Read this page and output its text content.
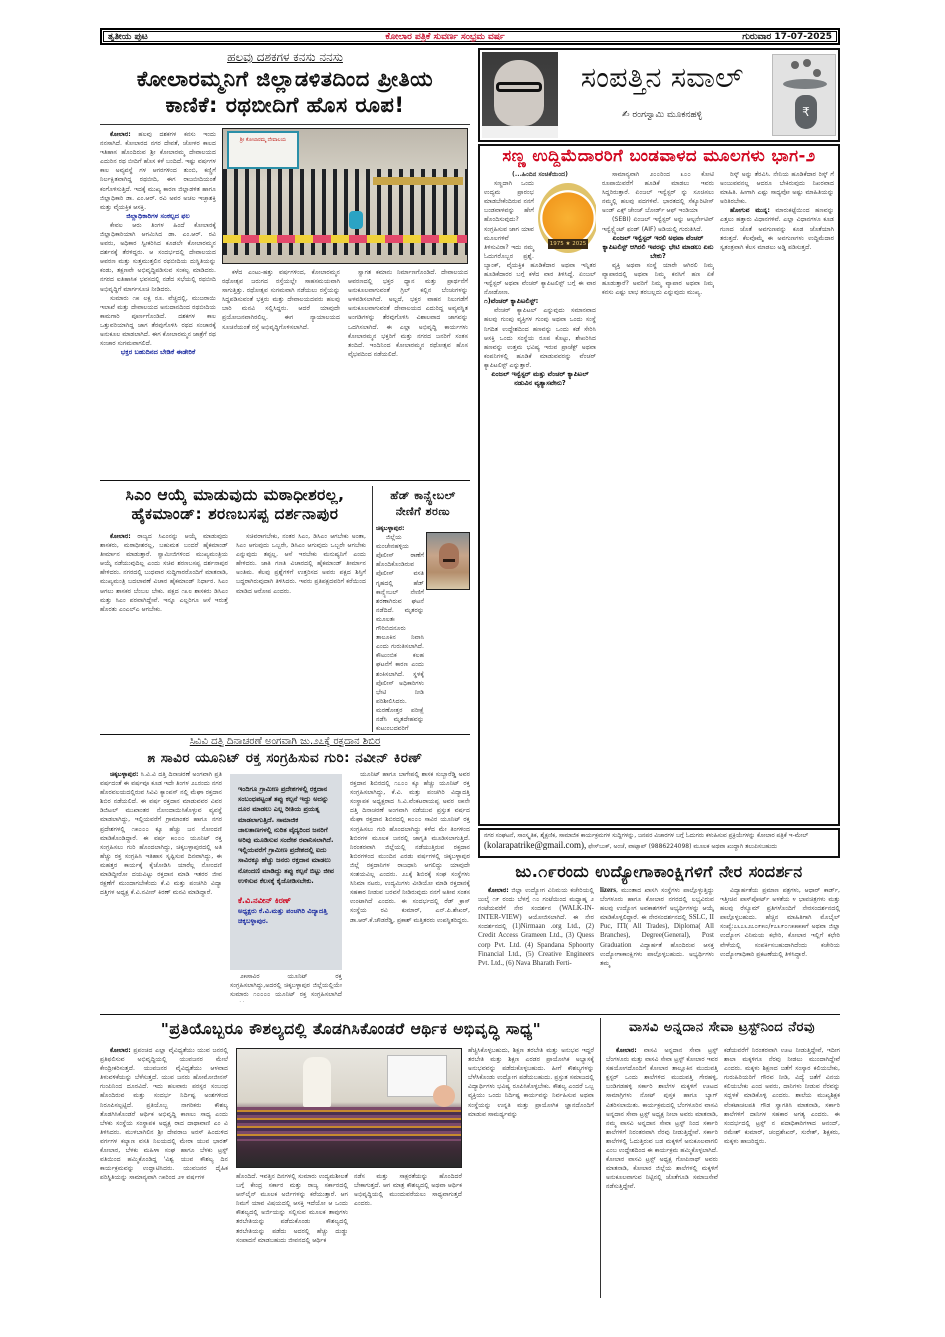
ತೃತೀಯ ಪುಟ	ಕೋಲಾರ ಪತ್ರಿಕೆ ಸುವರ್ಣ ಸಂಭ್ರಮ ವರ್ಷ	ಗುರುವಾರ 17-07-2025
ಹಲವು ದಶಕಗಳ ಕನಸು ನನಸು
ಕೋಲಾರಮ್ಮನಿಗೆ ಜಿಲ್ಲಾಡಳಿತದಿಂದ ಪ್ರೀತಿಯ
ಕಾಣಿಕೆ: ರಥಬೀದಿಗೆ ಹೊಸ ರೂಪ!

ಕೋಲಾರ: ಹಲವು ದಶಕಗಳ ಕನಸು ಇಂದು ನನಸಾಗಿದೆ. ಕೋಲಾರದ ನಗರ ದೇವತೆ, ಚೋಳರ ಕಾಲದ ಇತಿಹಾಸ ಹೊಂದಿರುವ ಶ್ರೀ ಕೋಲಾರಮ್ಮ ದೇವಾಲಯದ ಎದುರಿನ ರಥ ಬೀದಿಗೆ ಹೊಸ ಕಳೆ ಬಂದಿದೆ. ಇಷ್ಟು ವರ್ಷಗಳ ಕಾಲ ಅವ್ಯವಸ್ಥೆ ಗಳ ಆಗರಗಳಿಂದ ತುಂಬಿ, ಕಣ್ಣಿಗೆ ನಿರ್ಲಕ್ಷಿತವಾಗಿದ್ದ ರಥಬೀದಿ, ಈಗ ರಾಜಬೀದಿಯಂತೆ ಕಂಗೊಳಿಸುತ್ತಿದೆ. ಇದಕ್ಕೆ ಮುಖ್ಯ ಕಾರಣ ಜಿಲ್ಲಾಡಳಿತ ಹಾಗೂ ಜಿಲ್ಲಾಧಿಕಾರಿ ಡಾ. ಎಂ.ಆರ್. ರವಿ ಅವರ ಅಚಲ ಇಚ್ಛಾಶಕ್ತಿ ಮತ್ತು ವೈಯಕ್ತಿಕ ಆಸಕ್ತಿ.

ಜಿಲ್ಲಾಧಿಕಾರಿಗಳ ಸಂಕಲ್ಪದ ಫಲ

ಕೇವಲ ಆರು ತಿಂಗಳ ಹಿಂದೆ ಕೋಲಾರಕ್ಕೆ ಜಿಲ್ಲಾಧಿಕಾರಿಯಾಗಿ ಆಗಮಿಸಿದ ಡಾ. ಎಂ.ಆರ್. ರವಿ ಅವರು, ಅಧಿಕಾರ ಸ್ವೀಕರಿಸಿದ ಕೂಡಲೇ ಕೋಲಾರಮ್ಮನ ದರ್ಶನಕ್ಕೆ ತೆರಳಿದ್ದರು. ಆ ಸಂದರ್ಭದಲ್ಲಿ ದೇವಾಲಯದ ಆವರಣ ಮತ್ತು ಸುತ್ತಮುತ್ತಲಿನ ರಥಬೀದಿಯ ದುಸ್ಥಿತಿಯನ್ನು ಕಂಡು, ತಕ್ಷಣವೇ ಅಭಿವೃದ್ಧಿಪಡಿಸುವ ಸಂಕಲ್ಪ ಮಾಡಿದರು. ನಗರದ ಐತಿಹಾಸಿಕ ಭವಸದಲ್ಲಿ ನಡೆದ ಸಭೆಯಲ್ಲಿ ರಥಬೀದಿ ಅಭಿವೃದ್ಧಿಗೆ ಮಾರ್ಗಸೂಚಿ ನೀಡಿದರು.

ಸುಮಾರು ೧೫ ಲಕ್ಷ ರೂ. ವೆಚ್ಚದಲ್ಲಿ, ಮುಜರಾಯಿ ಇಲಾಖೆ ಮತ್ತು ದೇವಾಲಯದ ಅನುದಾನದಿಂದ ರಥಬೀದಿಯ ಕಾಮಗಾರಿ ಪೂರ್ಣಗೊಂಡಿದೆ. ದಶಕಗಳ ಕಾಲ ಒತ್ತುವರಿಯಾಗಿದ್ದ ಜಾಗ ತೆರವುಗೊಳಿಸಿ ರಥದ ಸಂಚಾರಕ್ಕೆ ಅನುಕೂಲ ಮಾಡಲಾಗಿದೆ. ಈಗ ಕೋಲಾರಮ್ಮನ ಜಾತ್ರೆಗೆ ರಥ ಸಂಚಾರ ಸುಗಮವಾಗಲಿದೆ.

ಭಕ್ತರ ಬಹುದಿನದ ಬೇಡಿಕೆ ಈಡೇರಿಕೆ
ಶ್ರೀ ಕೋಲಾರಮ್ಮ ದೇವಾಲಯ

ಕಳೆದ ಎಂಟು-ಹತ್ತು ವರ್ಷಗಳಿಂದ, ಕೋಲಾರಮ್ಮನ ರಥೋತ್ಸವ ಜರುಗದ ರಸ್ತೆಯಲ್ಲೇ ಸಾಹಸಮಯವಾಗಿ ಸಾಗುತ್ತಿತ್ತು. ರಥೋತ್ಸವ ಸುಗಮವಾಗಿ ನಡೆಯಲು ರಸ್ತೆಯನ್ನು ಸಿದ್ಧಪಡಿಸುವಂತೆ ಭಕ್ತರು ಮತ್ತು ದೇವಾಲಯದವರು ಹಲವು ಬಾರಿ ಮನವಿ ಸಲ್ಲಿಸಿದ್ದರು. ಆದರೆ ಯಾವುದೇ ಪ್ರಯೋಜನವಾಗಿರಲಿಲ್ಲ. ಈಗ ನ್ಯಾಯಾಲಯದ ಸೂಚನೆಯಂತೆ ರಸ್ತೆ ಅಭಿವೃದ್ಧಿಗೊಳಿಸಲಾಗಿದೆ.

ಸ್ವಾಗತ ಕಮಾನು ನಿರ್ಮಾಣಗೊಂಡಿದೆ. ದೇವಾಲಯದ ಆವರಣದಲ್ಲಿ ಭಕ್ತರ ಧ್ಯಾನ ಮತ್ತು ಪ್ರಾರ್ಥನೆಗೆ ಅನುಕೂಲವಾಗುವಂತೆ ಗ್ರಿಲ್ ಕಲ್ಲಿನ ಬೆಂಚುಗಳನ್ನು ಅಳವಡಿಸಲಾಗಿದೆ. ಅಲ್ಲದೆ, ಭಕ್ತರ ವಾಹನ ನಿಲುಗಡೆಗೆ ಅನುಕೂಲವಾಗುವಂತೆ ದೇವಾಲಯದ ಎದುರಿದ್ದ ಅವ್ಯವಸ್ಥಿತ ಅಂಗಡಿಗಳನ್ನು ತೆರವುಗೊಳಿಸಿ ವಿಶಾಲವಾದ ಜಾಗವನ್ನು ಒದಗಿಸಲಾಗಿದೆ. ಈ ಎಲ್ಲಾ ಅಭಿವೃದ್ಧಿ ಕಾರ್ಯಗಳು ಕೋಲಾರಮ್ಮನ ಭಕ್ತರಿಗೆ ಮತ್ತು ನಗರದ ಜನರಿಗೆ ಸಂತಸ ತಂದಿದೆ. ಇಂದಿನಿಂದ ಕೋಲಾರಮ್ಮನ ರಥೋತ್ಸವ ಹೊಸ ವೈಭವದಿಂದ ನಡೆಯಲಿದೆ.

ಸಿಎಂ ಆಯ್ಕೆ ಮಾಡುವುದು ಮಠಾಧೀಶರಲ್ಲ,
ಹೈಕಮಾಂಡ್: ಶರಣಬಸಪ್ಪ ದರ್ಶನಾಪುರ

ಕೋಲಾರ: ರಾಜ್ಯದ ಸಿಎಂನನ್ನು ಆಯ್ಕೆ ಮಾಡುವುದು ಶಾಸಕರು, ಮಠಾಧೀಶರಲ್ಲ, ಬಹುಮತ ಬಂದರೆ ಹೈಕಮಾಂಡ್ ತೀರ್ಮಾನ ಮಾಡುತ್ತಾರೆ. ಸ್ವಾಮೀಜಿಗಳಿಂದ ಮುಖ್ಯಮಂತ್ರಿಯ ಆಯ್ಕೆ ನಡೆಯುವುದಿಲ್ಲ ಎಂದು ಸಚಿವ ಶರಣಬಸಪ್ಪ ದರ್ಶನಾಪುರ ಹೇಳಿದರು. ನಗರದಲ್ಲಿ ಬುಧವಾರ ಸುದ್ದಿಗಾರರೊಂದಿಗೆ ಮಾತನಾಡಿ, ಮುಖ್ಯಮಂತ್ರಿ ಬದಲಾವಣೆ ವಿಚಾರ ಹೈಕಮಾಂಡ್ ನಿರ್ಧಾರ. ಸಿಎಂ ಆಗಲು ಶಾಸಕರ ಬೆಂಬಲ ಬೇಕು. ಪಕ್ಷದ ೧೩೮ ಶಾಸಕರು ಡಿಸಿಎಂ ಮತ್ತು ಸಿಎಂ ಪರವಾಗಿದ್ದೇವೆ. ಇನ್ನೂ ಎಲ್ಲರಿಗೂ ಆಸೆ ಇರುತ್ತೆ ಹೊರತು ಎಂಎಲ್ಎ ಆಗಬೇಕು.

ಸಚಿವರಾಗಬೇಕು, ನಂತರ ಸಿಎಂ, ಡಿಸಿಎಂ ಆಗಬೇಕು ಅಂತಾ, ಸಿಎಂ ಆಗುವುದು ಒಬ್ಬರೇ, ಡಿಸಿಎಂ ಆಗುವುದು ಒಬ್ಬರೇ ಆಗಬೇಕು ಎನ್ನುವುದು ತಪ್ಪಲ್ಲ. ಆಸೆ ಇರಬೇಕು ಮನುಷ್ಯನಿಗೆ ಎಂದು ಹೇಳಿದರು. ಜಾತಿ ಗಣತಿ ವಿಚಾರದಲ್ಲಿ ಹೈಕಮಾಂಡ್ ತೀರ್ಮಾನ ಅಂತಿಮ. ಕೆಲವು ಪ್ರಶ್ನೆಗಳಿಗೆ ಉತ್ತರಿಸದ ಅವರು ಪಕ್ಷದ ಶಿಸ್ತಿಗೆ ಬದ್ಧರಾಗಿರುವುದಾಗಿ ತಿಳಿಸಿದರು. ಇವರು ಪ್ರತಿಪಕ್ಷದವರಿಗೆ ಕರೆಯಿಂದ ಮಾಡಿದ ಆರೋಪ ಎಂದರು.

ಹೆಡ್ ಕಾನ್ಸ್ಟೇಬಲ್
ನೇಣಿಗೆ ಶರಣು

ಚಿಕ್ಕಬಳ್ಳಾಪುರ:

ಜಿಲ್ಲೆಯ ಮಂಚೇನಹಳ್ಳಿಯ ಪೊಲೀಸ್ ಠಾಣೆಗೆ ಹೊಂದಿಕೊಂಡಿರುವ ಪೊಲೀಸ್ ವಸತಿ ಗೃಹದಲ್ಲಿ ಹೆಡ್ ಕಾನ್ಸ್ಟೇಬಲ್ ನೇಣಿಗೆ ಶರಣಾಗಿರುವ ಘಟನೆ ನಡೆದಿದೆ. ಮೃತರನ್ನು ಮೂಲತಃ ಗೌರಿಬಿದನೂರು ತಾಲೂಕಿನ ನಿವಾಸಿ ಎಂದು ಗುರುತಿಸಲಾಗಿದೆ. ಕೌಟುಂಬಿಕ ಕಲಹ ಘಟನೆಗೆ ಕಾರಣ ಎಂದು ಶಂಕಿಸಲಾಗಿದೆ. ಸ್ಥಳಕ್ಕೆ ಪೊಲೀಸ್ ಅಧಿಕಾರಿಗಳು ಭೇಟಿ ನೀಡಿ ಪರಿಶೀಲಿಸಿದರು. ಮರಣೋತ್ತರ ಪರೀಕ್ಷೆ ನಡೆಸಿ ಮೃತದೇಹವನ್ನು ಕುಟುಂಬದವರಿಗೆ

ಸಿವಿವಿ ದತ್ತಿ ದಿನಾಚರಣೆ ಅಂಗವಾಗಿ ಜು.೨೭ಕ್ಕೆ ರಕ್ತದಾನ ಶಿಬಿರ
೫ ಸಾವಿರ ಯೂನಿಟ್ ರಕ್ತ ಸಂಗ್ರಹಿಸುವ ಗುರಿ: ನವೀನ್ ಕಿರಣ್

ಚಿಕ್ಕಬಳ್ಳಾಪುರ: ಸಿ.ವಿ.ವಿ ದತ್ತಿ ದಿನಾಚರಣೆ ಅಂಗವಾಗಿ ಪ್ರತಿ ವರ್ಷದಂತೆ ಈ ವರ್ಷವೂ ಕೂಡ ಇದೇ ತಿಂಗಳ ೨೭ರಂದು ನಗರ ಹೊರವಲಯದಲ್ಲಿರುವ ಸಿವಿವಿ ಕ್ಯಾಂಪಸ್ ನಲ್ಲಿ ಮೆಘಾ ರಕ್ತದಾನ ಶಿಬಿರ ನಡೆಯಲಿದೆ. ಈ ವರ್ಷ ರಕ್ತದಾನ ಮಾಡುವವರ ವಿವರ ಡಿಜಿಟಲ್ ಮುಖಾಂತರ ನೋಂದಾಯಿಸಿಕೊಳ್ಳುವ ವ್ಯವಸ್ಥೆ ಮಾಡಲಾಗಿದ್ದು, ಇಲ್ಲಿಯವರೆಗೆ ಗ್ರಾಮಾಂತರ ಹಾಗೂ ನಗರ ಪ್ರದೇಶಗಳಲ್ಲಿ ೧೫೦೦೦ ಕ್ಕೂ ಹೆಚ್ಚು ಜನ ನೋಂದಣಿ ಮಾಡಿಕೊಂಡಿದ್ದಾರೆ. ಈ ವರ್ಷ ೫೦೦೦ ಯೂನಿಟ್ ರಕ್ತ ಸಂಗ್ರಹಿಸಲು ಗುರಿ ಹೊಂದಲಾಗಿದ್ದು, ಚಿಕ್ಕಬಳ್ಳಾಪುರದಲ್ಲಿ ಅತಿ ಹೆಚ್ಚು ರಕ್ತ ಸಂಗ್ರಹಿಸಿ ಇತಿಹಾಸ ಸೃಷ್ಟಿಸುವ ದಿನವಾಗಿದ್ದು, ಈ ಮಹತ್ತರ ಕಾರ್ಯಕ್ಕೆ ಕೈಜೋಡಿಸಿ ಯಾರೆಲ್ಲ ನೋಂದಣಿ ಮಾಡಿದ್ದೀರೋ ದಯವಿಟ್ಟು ರಕ್ತದಾನ ಮಾಡಿ ಇತರರ ಜೀವ ರಕ್ಷಣೆಗೆ ಮುಂದಾಗಬೇಕೆಂದು ಕೆ.ವಿ ಮತ್ತು ಪಂಚಗಿರಿ ವಿದ್ಯಾ ದತ್ತಿಗಳ ಅಧ್ಯಕ್ಷ ಕೆ.ವಿ.ನವೀನ್ ಕಿರಣ್ ಮನವಿ ಮಾಡಿದ್ದಾರೆ.

ಇಂದಿಗೂ ಗ್ರಾಮೀಣ ಪ್ರದೇಶಗಳಲ್ಲಿ ರಕ್ತದಾನ ಸಂಬಂಧಪಟ್ಟಂತೆ ತಪ್ಪು ಕಲ್ಪನೆ ಇದ್ದು ಅದನ್ನು ದೂರ ಮಾಡಲು ಎಲ್ಲ ರೀತಿಯ ಪ್ರಯತ್ನ ಮಾಡಲಾಗುತ್ತಿದೆ. ಸಾಮಾಜಿಕ ಜಾಲತಾಣಗಳಲ್ಲಿ ನುರಿತ ವೈದ್ಯರಿಂದ ಜನರಿಗೆ ಅರಿವು ಮೂಡಿಸುವ ಸಂದೇಶ ರವಾನಿಸಲಾಗಿದೆ. ಇಲ್ಲಿಯವರೆಗೆ ಗ್ರಾಮೀಣ ಪ್ರದೇಶದಲ್ಲಿ ಐದು ಸಾವಿರಕ್ಕೂ ಹೆಚ್ಚು ಜನರು ರಕ್ತದಾನ ಮಾಡಲು ನೋಂದಣಿ ಮಾಡಿದ್ದು ತಪ್ಪು ಕಲ್ಪನೆ ಬಿಟ್ಟು ಜೀವ ಉಳಿಸುವ ಕೆಲಸಕ್ಕೆ ಕೈಜೋಡಿಸಬೇಕು.
ಕೆ.ವಿ.ನವೀನ್ ಕಿರಣ್
ಅಧ್ಯಕ್ಷರು ಕೆ.ವಿ.ಮತ್ತು ಪಂಚಗಿರಿ ವಿದ್ಯಾದತ್ತಿ ಚಿಕ್ಕಬಳ್ಳಾಪುರ.

೨೫ಸಾವಿರ ಯೂನಿಟ್ ರಕ್ತ ಸಂಗ್ರಹಿಸಲಾಗಿದ್ದು,ಅದರಲ್ಲಿ ಚಿಕ್ಕಬಳ್ಳಾಪುರ ಜಿಲ್ಲೆಯಲ್ಲಿಯೇ ಸುಮಾರು ೧೦೦೦೦ ಯೂನಿಟ್ ರಕ್ತ ಸಂಗ್ರಹಿಸಲಾಗಿದೆ

ಯೂನಿಟ್ ಹಾಗೂ ಬಾಗೇಪಲ್ಲಿ ಶಾಸಕ ಸುಬ್ಬಾರೆಡ್ಡಿ ಅವರ ರಕ್ತದಾನ ಶಿಬಿರದಲ್ಲಿ ೧೭೦೦ ಕ್ಕೂ ಹೆಚ್ಚು ಯೂನಿಟ್ ರಕ್ತ ಸಂಗ್ರಹಿಸಲಾಗಿದ್ದು, ಕೆ.ವಿ. ಮತ್ತು ಪಂಚಗಿರಿ ವಿದ್ಯಾದತ್ತಿ ಸಂಸ್ಥಾಪಕ ಅಧ್ಯಕ್ಷರಾದ ಸಿ.ವಿ.ವೆಂಕಟರಾಯಪ್ಪ ಅವರ ೮೫ನೇ ದತ್ತಿ ದಿನಾಚರಣೆ ಅಂಗವಾಗಿ ನಡೆಯುವ ಪ್ರಸ್ತುತ ವರ್ಷದ ಮೆಘಾ ರಕ್ತದಾನ ಶಿಬಿರದಲ್ಲಿ ೫೦೦೦ ಸಾವಿರ ಯೂನಿಟ್ ರಕ್ತ ಸಂಗ್ರಹಿಸಲು ಗುರಿ ಹೊಂದಲಾಗಿದ್ದು ಕಳೆದ ಮೇ ತಿಂಗಳಿಂದ ಶಿಬಿರಗಳ ಮೂಲಕ ಜನರಲ್ಲಿ ಜಾಗೃತಿ ಮೂಡಿಸಲಾಗುತ್ತಿದೆ. ನಿರಂತರವಾಗಿ ಜಿಲ್ಲೆಯಲ್ಲಿ ನಡೆಯುತ್ತಿರುವ ರಕ್ತದಾನ ಶಿಬಿರಗಳಿಂದ ಮುಂದಿನ ಎರಡು ವರ್ಷಗಳಲ್ಲಿ ಚಿಕ್ಕಬಳ್ಳಾಪುರ ಜಿಲ್ಲೆ ರಕ್ತದಾನಿಗಳ ರಾಜಧಾನಿ ಆಗಲಿದ್ದು ಯಾವುದೇ ಸಂಶಯವಿಲ್ಲ ಎಂದರು. ೨೭ಕ್ಕೆ ಶಿಬಿರಕ್ಕೆ ಸಂಘ ಸಂಸ್ಥೆಗಳು ಸಿನಿಮಾ ನಟರು, ಉದ್ಯಮಿಗಳು ವೀಡಿಯೋ ಮಾಡಿ ರಕ್ತದಾನಕ್ಕೆ ಸಹಕಾರ ನೀಡುವ ಬರವಸೆ ನೀಡಿರುವುದು ನನಗೆ ಅತೀವ ಸಂತಸ ಉಂಟಾಗಿದೆ ಎಂದರು. ಈ ಸಂದರ್ಭದಲ್ಲಿ ರೆಡ್ ಕ್ರಾಸ್ ಸಂಸ್ಥೆಯ ರವಿ ಕುಮಾರ್, ಎನ್.ಪಿ.ಶೇಖರ್, ಡಾ.ಆರ್.ಕೆ.ಚೌಡರೆಡ್ಡಿ, ಪ್ರಕಾಶ್ ಮತ್ತಿತರರು ಉಪಸ್ಥಿತರಿದ್ದರು.

ಸಂಪತ್ತಿನ ಸವಾಲ್
✍ ರಂಗಸ್ವಾಮಿ ಮೂಕನಹಳ್ಳಿ	₹
ಸಣ್ಣ ಉದ್ದಿಮೆದಾರರಿಗೆ ಬಂಡವಾಳದ ಮೂಲಗಳು ಭಾಗ-೨
(...ಹಿಂದಿನ ಸಂಚಿಕೆಯಿಂದ)
1975 ★ 2025

ಸಣ್ಣದಾಗಿ ಒಂದು ಉದ್ಯಮ ಪ್ರಾರಂಭ ಮಾಡಬೇಕೆಂದಿರುವ ನನಗೆ ಬಂಡವಾಳವನ್ನು ಹೇಗೆ ಹೊಂದಿಸುವುದು? ಸಂಗ್ರಹಿಸುವ ಜಾಗ ಯಾವ ಮೂಲಗಳಿವೆ ತಿಳಿಸುವಿರಾ? ಇದು ನಮ್ಮ ಓದುಗರೊಬ್ಬರ ಪ್ರಶ್ನೆ. ಬ್ಯಾಂಕ್, ವೈಯಕ್ತಿಕ ಹೂಡಿಕೆದಾರ ಅಥವಾ ಇನ್ನಿತರ ಹೂಡಿಕೆದಾರರ ಬಗ್ಗೆ ಕಳೆದ ವಾರ ತಿಳಿಸಿದ್ದೆ. ಏಂಜಲ್ ಇನ್ವೆಸ್ಟರ್ ಅಥವಾ ವೆಂಚರ್ ಕ್ಯಾಪಿಟಲಿಸ್ಟ್ ಬಗ್ಗೆ ಈ ವಾರ ನೋಡೋಣ.

೧)ವೆಂಚರ್ ಕ್ಯಾಪಿಟಲಿಸ್ಟ್:

ವೆಂಚರ್ ಕ್ಯಾಪಿಟಲ್ ಎನ್ನುವುದು ಸಮಾನವಾದ ಹಲವು ಗುಂಪು ವ್ಯಕ್ತಿಗಳ ಗುಂಪು ಅಥವಾ ಒಂದು ಸಂಸ್ಥೆ ನಿಗದಿತ ಉದ್ದೇಶದಿಂದ ಹಣವನ್ನು ಒಂದು ಕಡೆ ಸೇರಿಸಿ ಆಸಕ್ತಿ ಒಂದು ಸಂಸ್ಥೆಯ ರೂಪ ಕೊಟ್ಟು, ಶೇಖರಿಸಿದ ಹಣವನ್ನು ಉತ್ತಮ ಭವಿಷ್ಯ ಇರುವ ಪ್ರಾಜೆಕ್ಟ್ ಅಥವಾ ಕಂಪನಿಗಳಲ್ಲಿ ಹೂಡಿಕೆ ಮಾಡುವವರನ್ನು ವೆಂಚರ್ ಕ್ಯಾಪಿಟಲಿಸ್ಟ್ ಎನ್ನುತ್ತಾರೆ.

ಏಂಜಲ್ ಇನ್ವೆಸ್ಟರ್ ಮತ್ತು ವೆಂಚರ್ ಕ್ಯಾಪಿಟಲ್ ನಡುವಿನ ವ್ಯತ್ಯಾಸವೇನು?

ಸಾಮಾನ್ಯವಾಗಿ ೨೦೦ರಿಂದ ೩೦೦ ಕೋಟಿ ರೂಪಾಯಿವರೆಗೆ ಹೂಡಿಕೆ ಮಾಡಲು ಇವರು ಸಿದ್ದರಿರುತ್ತಾರೆ. ಏಂಜಲ್ ಇನ್ವೆಸ್ಟರ್ ನ್ನು ಸೂಚಿಸಲು ನಮ್ಮಲ್ಲಿ ಹಲವು ಪದಗಳಿವೆ. ಭಾರತದಲ್ಲಿ ಸೆಕ್ಯೂರಿಟೀಸ್ ಅಂಡ್ ಎಕ್ಸ್ ಚೇಂಜ್ ಬೋರ್ಡ್ ಆಫ್ ಇಂಡಿಯಾ

(SEBI) ಏಂಜಲ್ ಇನ್ವೆಸ್ಟರ್ ಅನ್ನು ಆಲ್ಟರ್ನೇಟಿವ್ ಇನ್ವೆಸ್ಟ್ಮೆಂಟ್ ಫಂಡ್ (AIF) ಅಡಿಯಲ್ಲಿ ಗುರುತಿಸಿದೆ.

ಏಂಜಲ್ ಇನ್ವೆಸ್ಟರ್ ಇರಲಿ ಅಥವಾ ವೆಂಚರ್ ಕ್ಯಾಪಿಟಲಿಸ್ಟ್ ಆಗಿರಲಿ ಇವರನ್ನು ಭೇಟಿ ಮಾಡಲು ಏನು ಬೇಕು?

ವ್ಯಕ್ತಿ ಅಥವಾ ಸಂಸ್ಥೆ ಯಾರೇ ಆಗಿರಲಿ ನಿಮ್ಮ ವ್ಯಾಪಾರದಲ್ಲಿ ಅಥವಾ ನಿಮ್ಮ ಕನಸಿಗೆ ಹಣ ಏಕೆ ಹೂಡುತ್ತಾರೆ? ಅವರಿಗೆ ನಿಮ್ಮ ವ್ಯಾಪಾರ ಅಥವಾ ನಿಮ್ಮ ಕನಸು ಎಷ್ಟು ಲಾಭ ತರಬಲ್ಲದು ಎನ್ನುವುದು ಮುಖ್ಯ.

ರಿಸ್ಕ್ ಅನ್ನು ತೆರವಿಸಿ. ನೇನಿಯ ಹೂಡಿಕೆದಾರ ರಿಸ್ಕ್ ಗೆ ಅಂಜುವವನಲ್ಲ ಆದರೂ ಬೇಕಿರುವುದು ನಿಖರವಾದ ಮಾಹಿತಿ. ಹೀಗಾಗಿ ಎಷ್ಟು ಸಾಧ್ಯವೋ ಅಷ್ಟು ಮಾಹಿತಿಯನ್ನು ಅರಿತಿರಬೇಕು.

ಹೋಗುವ ಮುನ್ನ: ಮಾರುಕಟ್ಟೆಯಿಂದ ಹಣವನ್ನು ಎತ್ತಲು ಹತ್ತಾರು ವಿಧಾನಗಳಿವೆ. ಎಲ್ಲಾ ವಿಧಾನಗಳೂ ಕೂಡ ಗುಣದ ಜೊತೆ ಅವಗುಣವನ್ನು ಕೂಡ ಜೊತೆಯಾಗಿ ತರುತ್ತದೆ. ಕೆಲವೊಮ್ಮೆ ಈ ಅವಗುಣಗಳು ಉದ್ದಿಮೆದಾರ ಸ್ವತಂತ್ರವಾಗಿ ಕೆಲಸ ಮಾಡಲು ಅಡ್ಡಿ ಪಡಿಸುತ್ತದೆ.

ನಗರ ಸಂಘಟನೆ, ಸಾಂಸ್ಕೃತಿಕ, ಶೈಕ್ಷಣಿಕ, ಸಾಮಾಜಿಕ ಕಾರ್ಯಕ್ರಮಗಳ ಸುದ್ದಿಗಳನ್ನು, ಜನಪರ ವಿಚಾರಗಳ ಬಗ್ಗೆ ಓದುಗರು ಕಳುಹಿಸುವ ಪ್ರಕ್ರಿಯೆಗಳನ್ನು ಕೋಲಾರ ಪತ್ರಿಕೆ ಇ-ಮೇಲ್ (kolarapatrike@gmail.com), ಫೇಸ್‌ಬುಕ್, ಅಂಚೆ, ವಾಟ್ಸಾಪ್ (9886224098) ಮೂಲಕ ಅಥವಾ ಖುದ್ದಾಗಿ ತಲುಪಿಸಬಹುದು
ಜು.೧೯ರಂದು ಉದ್ಯೋಗಾಕಾಂಕ್ಷಿಗಳಿಗೆ ನೇರ ಸಂದರ್ಶನ

ಕೋಲಾರ: ಜಿಲ್ಲಾ ಉದ್ಯೋಗ ವಿನಿಮಯ ಕಚೇರಿಯಲ್ಲಿ ಜುಲೈ ೧೯ ರಂದು ಬೆಳಗ್ಗೆ ೧೦ ಗಂಟೆಯಿಂದ ಮಧ್ಯಾಹ್ನ ೨ ಗಂಟೆಯವರೆಗೆ ನೇರ ಸಂದರ್ಶನ (WALK-IN-INTER-VIEW) ಆಯೋಜಿಸಲಾಗಿದೆ. ಈ ನೇರ ಸಂದರ್ಶನದಲ್ಲಿ (1)Nirmaan .org Ltd., (2) Credit Access Grameen Ltd., (3) Quess corp Pvt. Ltd. (4) Spandana Sphoorty Financial Ltd., (5) Creative Engineers Pvt. Ltd., (6) Nava Bharath Ferti-

lizers, ಮುಂತಾದ ಖಾಸಗಿ ಸಂಸ್ಥೆಗಳು ಪಾಲ್ಗೊಳ್ಳುತ್ತಿದ್ದು ಬೆಂಗಳೂರು ಹಾಗೂ ಕೋಲಾರ ನಗರದಲ್ಲಿ ಲಭ್ಯವಿರುವ ಹಲವು ಉದ್ಯೋಗ ಅವಕಾಶಗಳಿಗೆ ಅಭ್ಯರ್ಥಿಗಳನ್ನು ಆಯ್ಕೆ ಮಾಡಿಕೊಳ್ಳಲಿದ್ದಾರೆ. ಈ ನೇರಸಂದರ್ಶನದಲ್ಲಿ SSLC, II Puc, ITI( All Trades), Diploma( All Branches), Degree(General), Post Graduation ವಿದ್ಯಾರ್ಹತೆ ಹೊಂದಿರುವ ಆಸಕ್ತ ಉದ್ಯೋಗಾಕಾಂಕ್ಷಿಗಳು ಪಾಲ್ಗೊಳ್ಳಬಹುದು. ಅಭ್ಯರ್ಥಿಗಳು ತಮ್ಮ

ವಿದ್ಯಾರ್ಹತೆಯ ಪ್ರಮಾಣ ಪತ್ರಗಳು, ಆಧಾರ್ ಕಾರ್ಡ್, ಇತ್ತೀಚಿನ ಪಾಸ್‌ಪೋರ್ಟ್ ಅಳತೆಯ ೪ ಭಾವಚಿತ್ರಗಳು ಮತ್ತು ಹಲವು ರೆಸ್ಯೂಮ್ ಪ್ರತಿಗಳೊಂದಿಗೆ ನೇರಸಂದರ್ಶನದಲ್ಲಿ ಪಾಲ್ಗೊಳ್ಳಬಹುದು. ಹೆಚ್ಚಿನ ಮಾಹಿತಿಗಾಗಿ ಮೊಬೈಲ್ ಸಂಖ್ಯೆ:೭೬೭೬೨೭೦೯೫೦/೯೭೩೯೦೧೫೫೫೫ಗೆ ಅಥವಾ ಜಿಲ್ಲಾ ಉದ್ಯೋಗ ವಿನಿಮಯ ಕಛೇರಿ, ಕೋಲಾರ ಇಲ್ಲಿಗೆ ಕಛೇರಿ ವೇಳೆಯಲ್ಲಿ ಸಂಪರ್ಕಿಸಬಹುದಾಗಿದೆಂದು ಕಚೇರಿಯ ಉದ್ಯೋಗಾಧಿಕಾರಿ ಪ್ರಕಟಣೆಯಲ್ಲಿ ತಿಳಿಸಿದ್ದಾರೆ.

"ಪ್ರತಿಯೊಬ್ಬರೂ ಕೌಶಲ್ಯದಲ್ಲಿ ತೊಡಗಿಸಿಕೊಂಡರೆ ಆರ್ಥಿಕ ಅಭಿವೃದ್ಧಿ ಸಾಧ್ಯ"

ಕೋಲಾರ: ಪ್ರಪಂಚದ ಎಲ್ಲಾ ವೈವಿಧ್ಯತೆಯು ಯುವ ಜನರಲ್ಲಿ ಪ್ರತಿಫಲಿಸುವ ಅಭಿವೃದ್ಧಿಯಲ್ಲಿ ಯುವಜನರ ಮೇಲೆ ಕೇಂದ್ರೀಕರಿಸುತ್ತದೆ. ಯುವಜನರ ವೈವಿಧ್ಯತೆಯು ಆಳವಾದ ತಿಳುವಳಿಕೆಯನ್ನು ಬೆಳೆಸುತ್ತದೆ. ಯುವ ಜನರು ಹೋಮೋಜೀನಸ್ ಗುಂಪಿನಿಂದ ದೂರವಿದೆ. ಇದು ಹಲವಾರು ಪರಸ್ಪರ ಸಂಬಂಧ ಹೊಂದಿರುವ ಮತ್ತು ಸಂದರ್ಭ ನಿರ್ದಿಷ್ಟ ಅಂಶಗಳಿಂದ ನಿರೂಪಿಸಲ್ಪಟ್ಟಿದೆ. ಪ್ರತಿಯೊಬ್ಬ ನಾಗರಿಕರು ಕೌಶಲ್ಯ ತೊಡಗಿಸಿಕೊಂಡರೆ ಆರ್ಥಿಕ ಅಭಿವೃದ್ಧಿ ಕಾಣಲು ಸಾಧ್ಯ ಎಂದು ಬೆಳಕು ಸಂಸ್ಥೆಯ ಸಂಸ್ಥಾಪಕ ಅಧ್ಯಕ್ಷ ರಾದ ದಾಥಾವಾಣಿ ಎಂ ವಿ ತಿಳಿಸಿದರು. ಮುಳಬಾಗಿಲಿನ ಶ್ರೀ ದೇವರಾಜ ಅರಸ್ ಹಿಂದುಳಿದ ವರ್ಗಗಳ ಕಲ್ಯಾಣ ವಸತಿ ನಿಲಯದಲ್ಲಿ ಮೇರಾ ಯುವ ಭಾರತ್ ಕೋಲಾರ, ಬೆಳಕು ಮಹಿಳಾ ಸಂಘ ಹಾಗೂ ಬೆಳಕು ಟ್ರಸ್ಟ್ ವತಿಯಿಂದ ಹಮ್ಮಿಕೊಂಡಿದ್ದ 'ವಿಶ್ವ ಯುವ ಕೌಶಲ್ಯ ದಿನ ಕಾರ್ಯಕ್ರಮವನ್ನು ಉದ್ಘಾಟಿಸಿದರು. ಯುವಜನರ ದೈಹಿಕ ಪರಿಸ್ಥಿತಿಯನ್ನು ಸಾಮಾನ್ಯವಾಗಿ ೧೫ರಿಂದ ೨೪ ವರ್ಷಗಳ	ಹೊಂದಿದೆ. ಇವತ್ತಿನ ದಿನಗಳಲ್ಲಿ ಸುಮಾರು ಉದ್ಯಮಶೀಲತೆ ಬಗ್ಗೆ ಕೇಂದ್ರ ಸರ್ಕಾರ ಮತ್ತು ರಾಜ್ಯ ಸರ್ಕಾರದಲ್ಲಿ ಆನ್‌ಲೈನ್ ಮೂಲಕ ಅರ್ಜಿಗಳನ್ನು ಕರೆಯುತ್ತಾರೆ. ಆಗ ನಿಮಗೆ ಯಾವ ವಿಷಯದಲ್ಲಿ ಆಸಕ್ತಿ ಇದೆಯೋ ಆ ಒಂದು ಕೌಶಲ್ಯದಲ್ಲಿ ಅರ್ಜಿಯನ್ನು ಸಲ್ಲಿಸುವ ಮೂಲಕ ತಾವುಗಳು ತರಬೇತಿಯನ್ನು ಪಡೆದುಕೊಂಡು ಕೌಶಲ್ಯದಲ್ಲಿ ತರಬೇತಿಯನ್ನು ಪಡೆದು ಅದರಲ್ಲಿ ಹೆಚ್ಚು ದುಡ್ಡು ಸಂಪಾದನೆ ಮಾಡಬಹುದು ಜೀವನದಲ್ಲಿ ಆರ್ಥಿಕ

ನಡೆಸ ಮತ್ತು ಸಾಕ್ಷರತೆಯನ್ನು ಹೊಂದಿದರೆ ಬೇಕಾಗುತ್ತದೆ. ಆಗ ಮಾತ್ರ ಕೌಶಲ್ಯದಲ್ಲಿ ಅಥವಾ ಆರ್ಥಿಕ ಅಭಿವೃದ್ಧಿಯಲ್ಲಿ ಮುಂದುವರೆಯಲು ಸಾಧ್ಯವಾಗುತ್ತದೆ ಎಂದರು.

ಹೆಚ್ಚಿಸಿಕೊಳ್ಳಬಹುದು, ಶಿಕ್ಷಣ ತರಬೇತಿ ಮತ್ತು ಅನುಭವ ಇದ್ದರೆ ತರಬೇತಿ ಮತ್ತು ಶಿಕ್ಷಣ ಎರಡರ ಪ್ರಾಯೋಗಿಕ ಅಭ್ಯಾಸಕ್ಕೆ ಅನುಭವವನ್ನು ಪಡೆದುಕೊಳ್ಳಬಹುದು. ಹೀಗೆ ಕೌಶಲ್ಯಗಳನ್ನು ಬೆಳೆಸಿಕೊಂಡು ಉದ್ಯೋಗ ಪಡೆಯಬಹುದು. ಪ್ರಸ್ತುತ ಸಮಾಜದಲ್ಲಿ ವಿದ್ಯಾರ್ಥಿಗಳು ಭವಿಷ್ಯ ರೂಪಿಸಿಕೊಳ್ಳಬೇಕು. ಕೌಶಲ್ಯ ಎಂದರೆ ಒಬ್ಬ ವ್ಯಕ್ತಿಯು ಒಂದು ನಿರ್ದಿಷ್ಟ ಕಾರ್ಯವನ್ನು ನಿರ್ವಹಿಸುವ ಅಥವಾ ಸಂಸ್ಥೆಯನ್ನು ಉನ್ನತಿ ಮತ್ತು ಪ್ರಾಯೋಗಿಕ ಜ್ಞಾನದೊಂದಿಗೆ ಮಾಡುವ ಸಾಮರ್ಥ್ಯವನ್ನು

ವಾಸವಿ ಅನ್ನದಾನ ಸೇವಾ ಟ್ರಸ್ಟ್‌ನಿಂದ ನೆರವು

ಕೋಲಾರ: ವಾಸವಿ ಅನ್ನದಾನ ಸೇವಾ ಟ್ರಸ್ಟ್ ಬೆಂಗಳೂರು ಮತ್ತು ವಾಸವಿ ಸೇವಾ ಟ್ರಸ್ಟ್ ಕೋಲಾರ ಇವರ ಸಹಯೋಗದೊಂದಿಗೆ ಕೋಲಾರ ತಾಲ್ಲೂಕಿನ ಮುದುವತ್ತಿ ಕ್ಲಸ್ಟರ್ ಒಂದು ಶಾಲೆಗಳಿದ ಮುದುವತ್ತಿ ಗೇರಹಳ್ಳಿ, ಬಂಡಿಗಡಹಳ್ಳಿ ಸರ್ಕಾರಿ ಶಾಲೆಗಳ ಮಕ್ಕಳಿಗೆ ಊಟದ ಸಾಮಾಗ್ರಿಗಳು ನೋಟ್ ಪುಸ್ತಕ ಹಾಗೂ ಬ್ಯಾಗ್ ವಿತರಿಸಲಾಯಿತು. ಕಾರ್ಯಕ್ರಮದಲ್ಲಿ ಬೆಂಗಳೂರಿನ ವಾಸವಿ ಅನ್ನದಾನ ಸೇವಾ ಟ್ರಸ್ಟ್ ಅಧ್ಯಕ್ಷ ನೀಲಾ ಅವರು ಮಾತನಾಡಿ, ನಮ್ಮ ವಾಸವಿ ಅನ್ನದಾನ ಸೇವಾ ಟ್ರಸ್ಟ್ ನಿಂದ ಸರ್ಕಾರಿ ಶಾಲೆಗಳಿಗೆ ನಿರಂತರವಾಗಿ ನೆರವು ನೀಡುತ್ತಿದ್ದೇವೆ. ಸರ್ಕಾರಿ ಶಾಲೆಗಳಲ್ಲಿ ಓದುತ್ತಿರುವ ಬಡ ಮಕ್ಕಳಿಗೆ ಅನುಕೂಲವಾಗಲಿ ಎಂಬ ಉದ್ದೇಶದಿಂದ ಈ ಕಾರ್ಯಕ್ರಮ ಹಮ್ಮಿಕೊಳ್ಳಲಾಗಿದೆ. ಕೋಲಾರ ವಾಸವಿ ಟ್ರಸ್ಟ್ ಅಧ್ಯಕ್ಷ ಗೋಪಿನಾಥ್ ಅವರು ಮಾತನಾಡಿ, ಕೋಲಾರ ಜಿಲ್ಲೆಯ ಶಾಲೆಗಳಲ್ಲಿ ಮಕ್ಕಳಿಗೆ ಅನುಕೂಲವಾಗುವ ನಿಟ್ಟಿನಲ್ಲಿ ಜೊತೆಗೂಡಿ ಸಮಾಜಸೇವೆ ನಡೆಸುತ್ತಿದ್ದೇವೆ.

ಕಡೆಯವರೆಗೆ ನಿರಂತರವಾಗಿ ಊಟ ನೀಡುತ್ತಿದ್ದೇವೆ, ಇದೀಗ ಶಾಲಾ ಮಕ್ಕಳಿಗೂ ನೆರವು ನೀಡಲು ಮುಂದಾಗಿದ್ದೇವೆ ಎಂದರು. ಮಕ್ಕಳು ಶಿಕ್ಷಣದ ಜತೆಗೆ ಸಂಸ್ಕಾರ ಕಲಿಯಬೇಕು, ಗುರುಹಿರಿಯರಿಗೆ ಗೌರವ ನೀಡಿ, ವಿದ್ಯೆ ಜತೆಗೆ ವಿನಯ ಕಲಿಯಬೇಕು ಎಂದ ಅವರು, ದಾನಿಗಳು ನೀಡುವ ನೆರವನ್ನು ಸದ್ಬಳಕೆ ಮಾಡಿಕೊಳ್ಳಿ ಎಂದರು. ಶಾಲೆಯ ಮುಖ್ಯಶಿಕ್ಷಕ ವೆಂಕಟಾಚಲಪತಿ ಗೌಡ ಸ್ವಾಗತಿಸಿ ಮಾತನಾಡಿ, ಸರ್ಕಾರಿ ಶಾಲೆಗಳಿಗೆ ದಾನಿಗಳ ಸಹಕಾರ ಅಗತ್ಯ ಎಂದರು. ಈ ಸಂದರ್ಭದಲ್ಲಿ ಟ್ರಸ್ಟ್ ನ ಪದಾಧಿಕಾರಿಗಳಾದ ಆನಂದ್, ರಮೇಶ್ ಕುಮಾರ್, ಚಂದ್ರಶೇಖರ್, ಸುರೇಶ್, ಶಿಕ್ಷಕರು, ಮಕ್ಕಳು ಹಾಜರಿದ್ದರು.
